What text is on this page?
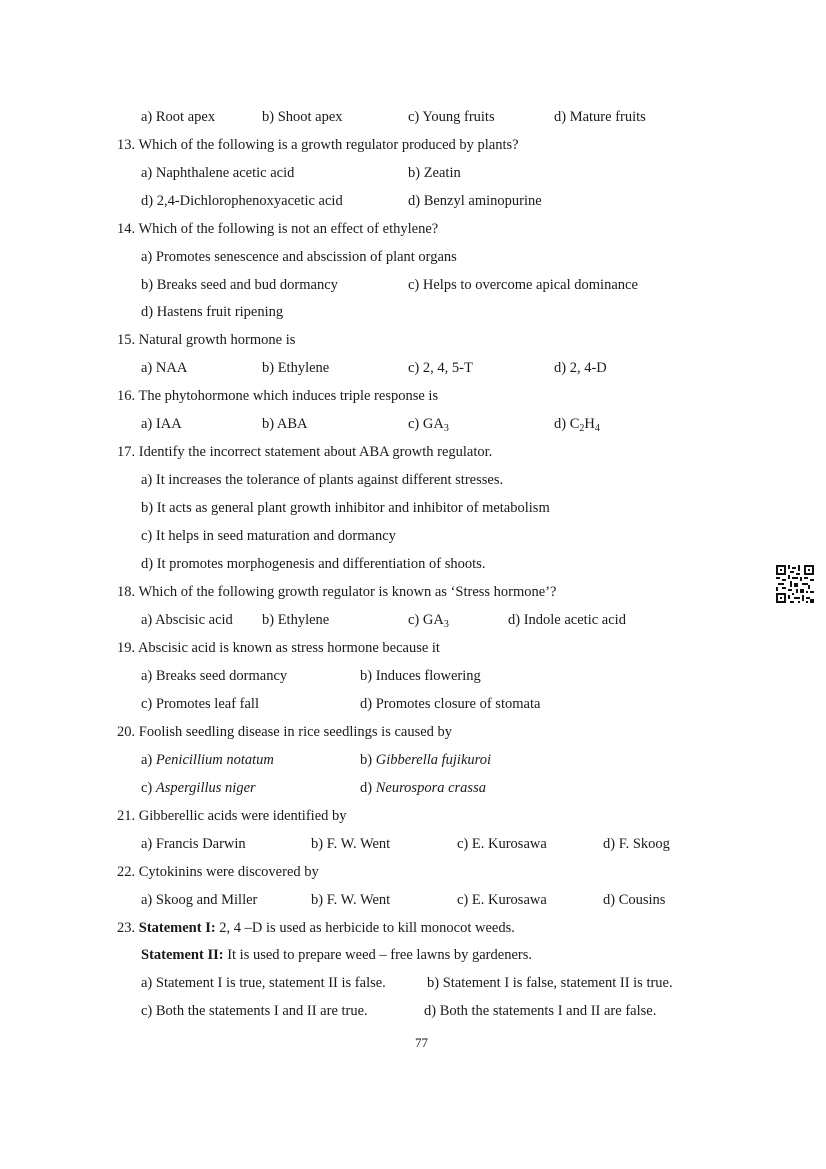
a) Root apex	b) Shoot apex	c) Young fruits	d) Mature fruits
13. Which of the following is a growth regulator produced by plants?
a) Naphthalene acetic acid	b) Zeatin
d) 2,4-Dichlorophenoxyacetic acid	d) Benzyl aminopurine
14. Which of the following is not an effect of ethylene?
a) Promotes senescence and abscission of plant organs
b) Breaks seed and bud dormancy	c) Helps to overcome apical dominance
d) Hastens fruit ripening
15. Natural growth hormone is
a) NAA	b) Ethylene	c) 2, 4, 5-T	d) 2, 4-D
16. The phytohormone which induces triple response is
a) IAA	b) ABA	c) $GA_3$	d) $C_2H_4$
17. Identify the incorrect statement about ABA growth regulator.
a) It increases the tolerance of plants against different stresses.
b) It acts as general plant growth inhibitor and inhibitor of metabolism
c) It helps in seed maturation and dormancy
d) It promotes morphogenesis and differentiation of shoots.
18. Which of the following growth regulator is known as ‘Stress hormone’?
a) Abscisic acid b) Ethylene	c) $GA_3$	d) Indole acetic acid
19. Abscisic acid is known as stress hormone because it
a) Breaks seed dormancy	b) Induces flowering
c) Promotes leaf fall	d) Promotes closure of stomata
20. Foolish seedling disease in rice seedlings is caused by
a) Penicillium notatum	b) Gibberella fujikuroi
c) Aspergillus niger	d) Neurospora crassa
21. Gibberellic acids were identified by
a) Francis Darwin	b) F. W. Went	c) E. Kurosawa	d) F. Skoog
22. Cytokinins were discovered by
a) Skoog and Miller	b) F. W. Went	c) E. Kurosawa	d) Cousins
23. Statement I: 2, 4 –D is used as herbicide to kill monocot weeds.
Statement II: It is used to prepare weed – free lawns by gardeners.
a) Statement I is true, statement II is false.	b) Statement I is false, statement II is true.
c) Both the statements I and II are true.	d) Both the statements I and II are false.
77
